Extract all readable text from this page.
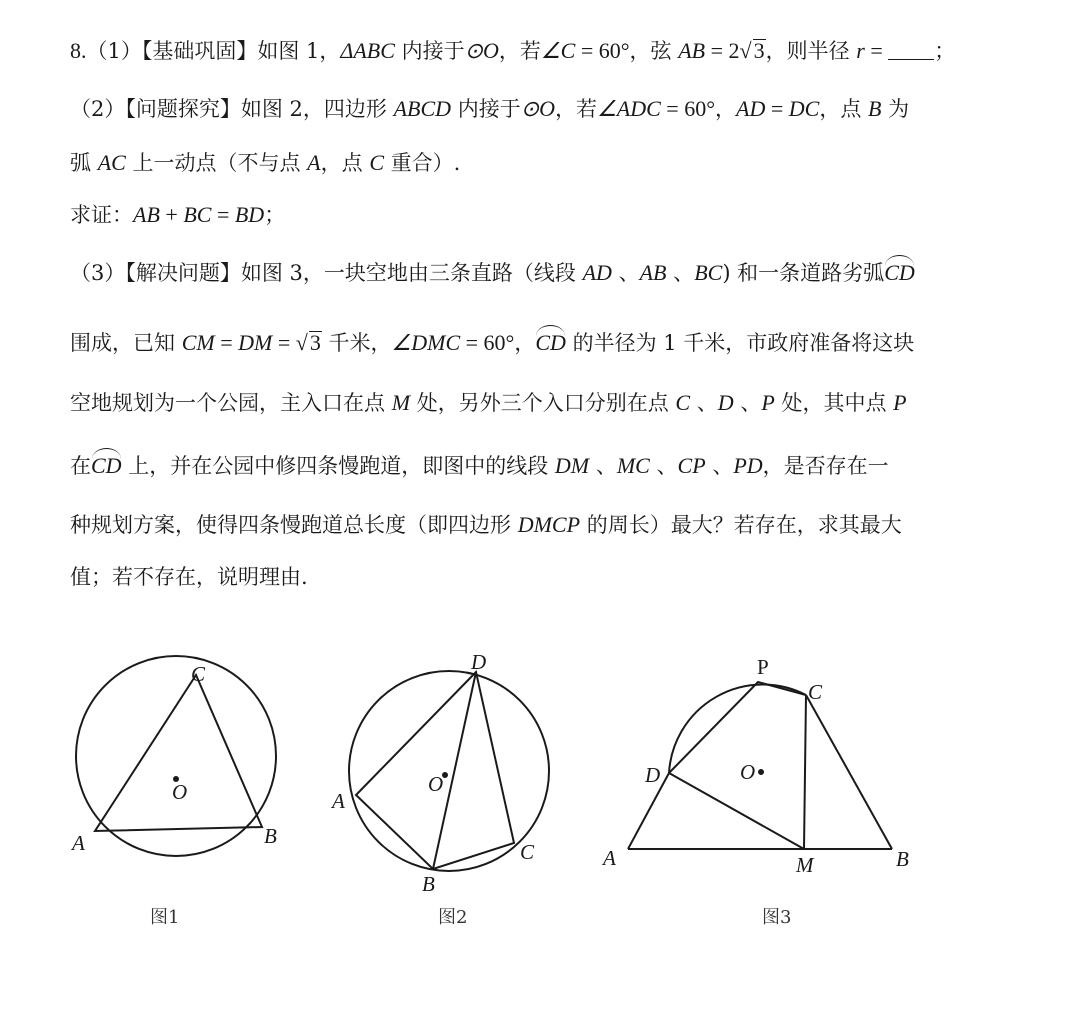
8.（1）【基础巩固】如图 1，ΔABC 内接于⊙O，若∠C = 60°，弦 AB = 2√3，则半径 r = ；
（2）【问题探究】如图 2，四边形 ABCD 内接于⊙O，若∠ADC = 60°，AD = DC，点 B 为
弧 AC 上一动点（不与点 A，点 C 重合）.
求证：AB + BC = BD；
（3）【解决问题】如图 3，一块空地由三条直路（线段 AD 、AB 、BC) 和一条道路劣弧CD
围成，已知 CM = DM = √3 千米，∠DMC = 60°，CD 的半径为 1 千米，市政府准备将这块
空地规划为一个公园，主入口在点 M 处，另外三个入口分别在点 C 、D 、P 处，其中点 P
在CD 上，并在公园中修四条慢跑道，即图中的线段 DM 、MC 、CP 、PD，是否存在一
种规划方案，使得四条慢跑道总长度（即四边形 DMCP 的周长）最大？若存在，求其最大
值；若不存在，说明理由.
C
A	B
O
图1
D
A
B
C
O
图2
P
C
D	O
A	M	B
图3
